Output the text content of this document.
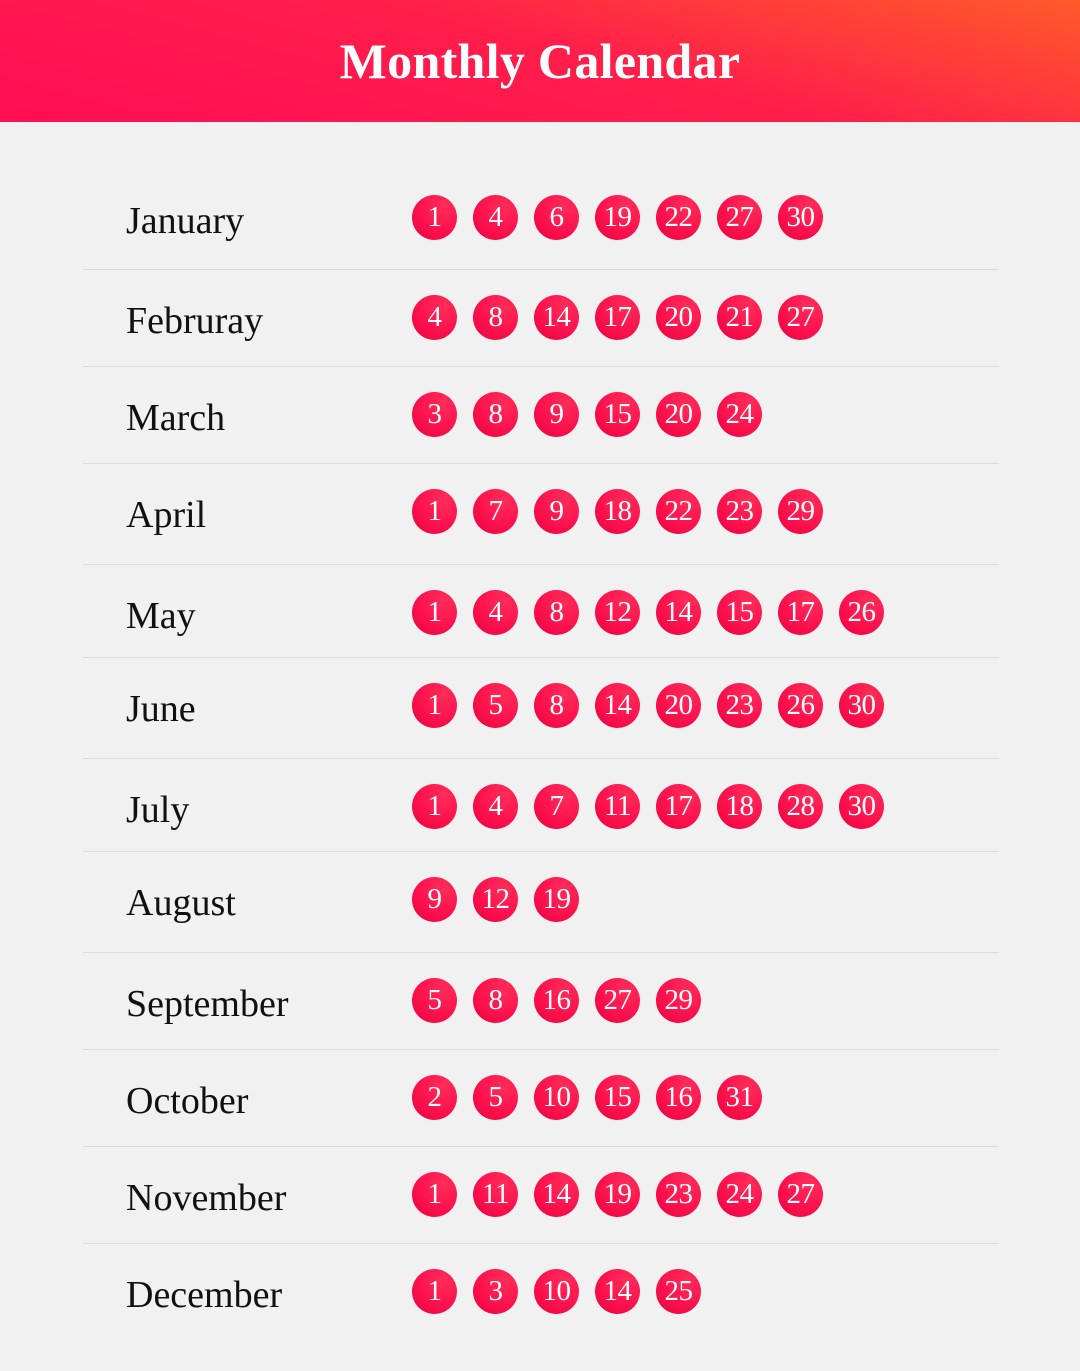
Monthly Calendar
January	1	4	6	19 22 27 30
Februray	4	8	14 17 20 21 27
March	3	8	9	15 20 24
April	1	7	9	18 22 23 29
May	1	4	8	12 14 15 17 26
June	1	5	8	14 20 23 26 30
July	1	4	7	11	17 18 28 30
August	9	12 19
September	5	8	16 27 29
October	2	5	10 15 16 31
November	1	11	14 19 23 24 27
December	1	3	10 14 25
